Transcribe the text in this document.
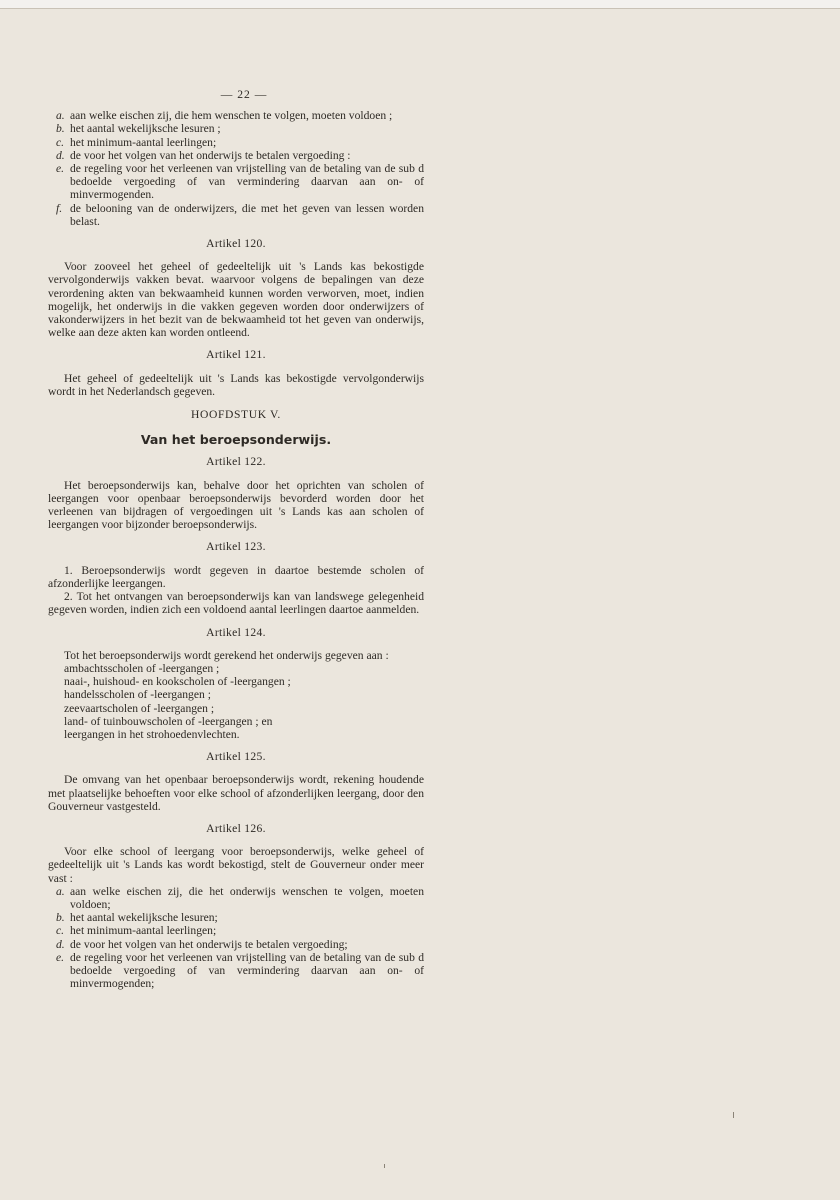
— 22 —
a. aan welke eischen zij, die hem wenschen te volgen, moeten voldoen ;
b. het aantal wekelijksche lesuren ;
c. het minimum-aantal leerlingen;
d. de voor het volgen van het onderwijs te betalen vergoeding :
e. de regeling voor het verleenen van vrijstelling van de betaling van de sub d bedoelde vergoeding of van vermindering daarvan aan on- of minvermogenden.
f. de belooning van de onderwijzers, die met het geven van lessen worden belast.
Artikel 120.
Voor zooveel het geheel of gedeeltelijk uit 's Lands kas bekostigde vervolgonderwijs vakken bevat. waarvoor volgens de bepalingen van deze verordening akten van bekwaamheid kunnen worden verworven, moet, indien mogelijk, het onderwijs in die vakken gegeven worden door onderwijzers of vakonderwijzers in het bezit van de bekwaamheid tot het geven van onderwijs, welke aan deze akten kan worden ontleend.
Artikel 121.
Het geheel of gedeeltelijk uit 's Lands kas bekostigde vervolgonderwijs wordt in het Nederlandsch gegeven.
HOOFDSTUK V.
Van het beroepsonderwijs.
Artikel 122.
Het beroepsonderwijs kan, behalve door het oprichten van scholen of leergangen voor openbaar beroepsonderwijs bevorderd worden door het verleenen van bijdragen of vergoedingen uit 's Lands kas aan scholen of leergangen voor bijzonder beroepsonderwijs.
Artikel 123.
1. Beroepsonderwijs wordt gegeven in daartoe bestemde scholen of afzonderlijke leergangen.
2. Tot het ontvangen van beroepsonderwijs kan van landswege gelegenheid gegeven worden, indien zich een voldoend aantal leerlingen daartoe aanmelden.
Artikel 124.
Tot het beroepsonderwijs wordt gerekend het onderwijs gegeven aan :
ambachtsscholen of -leergangen ;
naai-, huishoud- en kookscholen of -leergangen ;
handelsscholen of -leergangen ;
zeevaartscholen of -leergangen ;
land- of tuinbouwscholen of -leergangen ; en
leergangen in het strohoedenvlechten.
Artikel 125.
De omvang van het openbaar beroepsonderwijs wordt, rekening houdende met plaatselijke behoeften voor elke school of afzonderlijken leergang, door den Gouverneur vastgesteld.
Artikel 126.
Voor elke school of leergang voor beroepsonderwijs, welke geheel of gedeeltelijk uit 's Lands kas wordt bekostigd, stelt de Gouverneur onder meer vast :
a. aan welke eischen zij, die het onderwijs wenschen te volgen, moeten voldoen;
b. het aantal wekelijksche lesuren;
c. het minimum-aantal leerlingen;
d. de voor het volgen van het onderwijs te betalen vergoeding;
e. de regeling voor het verleenen van vrijstelling van de betaling van de sub d bedoelde vergoeding of van vermindering daarvan aan on- of minvermogenden;
